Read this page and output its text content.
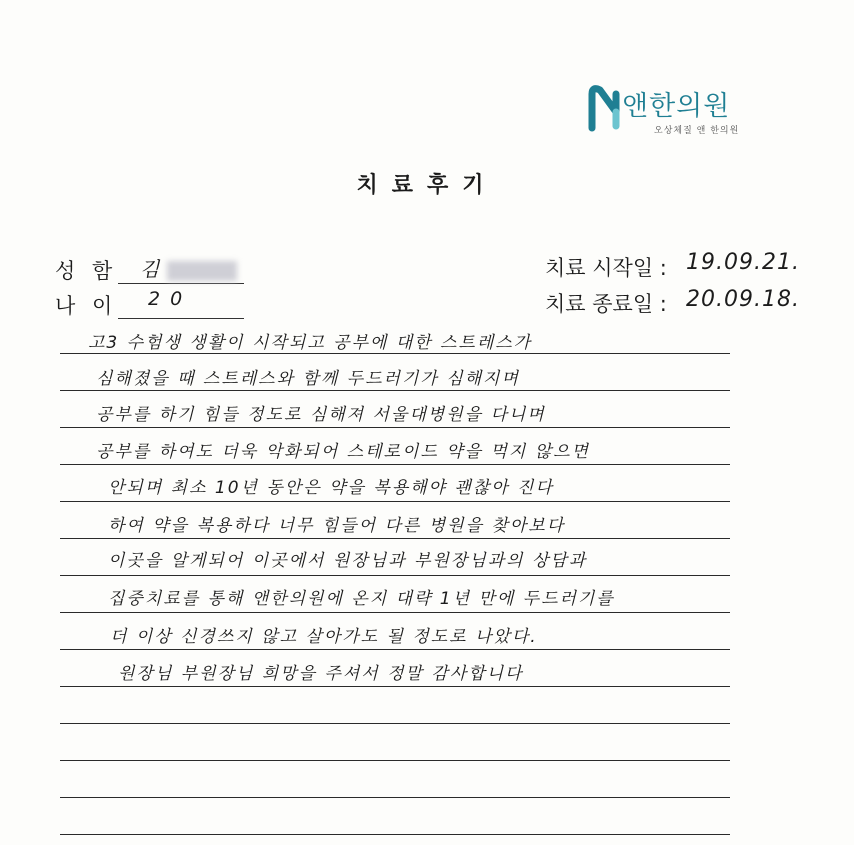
앤한의원
오상체질 앤 한의원
치료후기
성 함 김
나 이 20
치료 시작일 : 19.09.21.
치료 종료일 : 20.09.18.
고3 수험생 생활이 시작되고 공부에 대한 스트레스가
심해졌을 때 스트레스와 함께 두드러기가 심해지며
공부를 하기 힘들 정도로 심해져 서울대병원을 다니며
공부를 하여도 더욱 악화되어 스테로이드 약을 먹지 않으면
안되며 최소 10년 동안은 약을 복용해야 괜찮아 진다
하여 약을 복용하다 너무 힘들어 다른 병원을 찾아보다
이곳을 알게되어 이곳에서 원장님과 부원장님과의 상담과
집중치료를 통해 앤한의원에 온지 대략 1년 만에 두드러기를
더 이상 신경쓰지 않고 살아가도 될 정도로 나았다.
원장님 부원장님 희망을 주셔서 정말 감사합니다
